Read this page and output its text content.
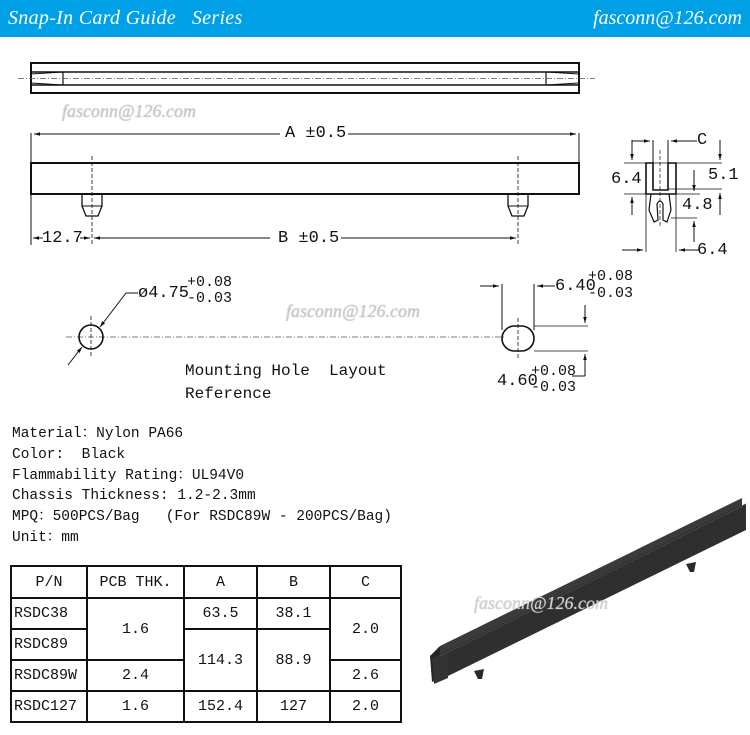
Snap-In Card Guide   Series	fasconn@126.com
fasconn@126.com
fasconn@126.com
A ±0.5
12.7	B ±0.5
C
6.4	5.1
4.8
6.4
ø4.75
+0.08
-0.03
6.40
+0.08
-0.03
4.60
+0.08
-0.03
Mounting Hole  Layout
Reference
Material：Nylon PA66
Color:  Black
Flammability Rating：UL94V0
Chassis Thickness: 1.2-2.3mm
MPQ：500PCS/Bag   (For RSDC89W - 200PCS/Bag)
Unit：mm
P/N	PCB THK.	A	B	C
RSDC38	1.6	63.5	38.1	2.0
RSDC89		114.3	88.9	
RSDC89W	2.4			2.6
RSDC127	1.6	152.4	127	2.0
fasconn@126.com
